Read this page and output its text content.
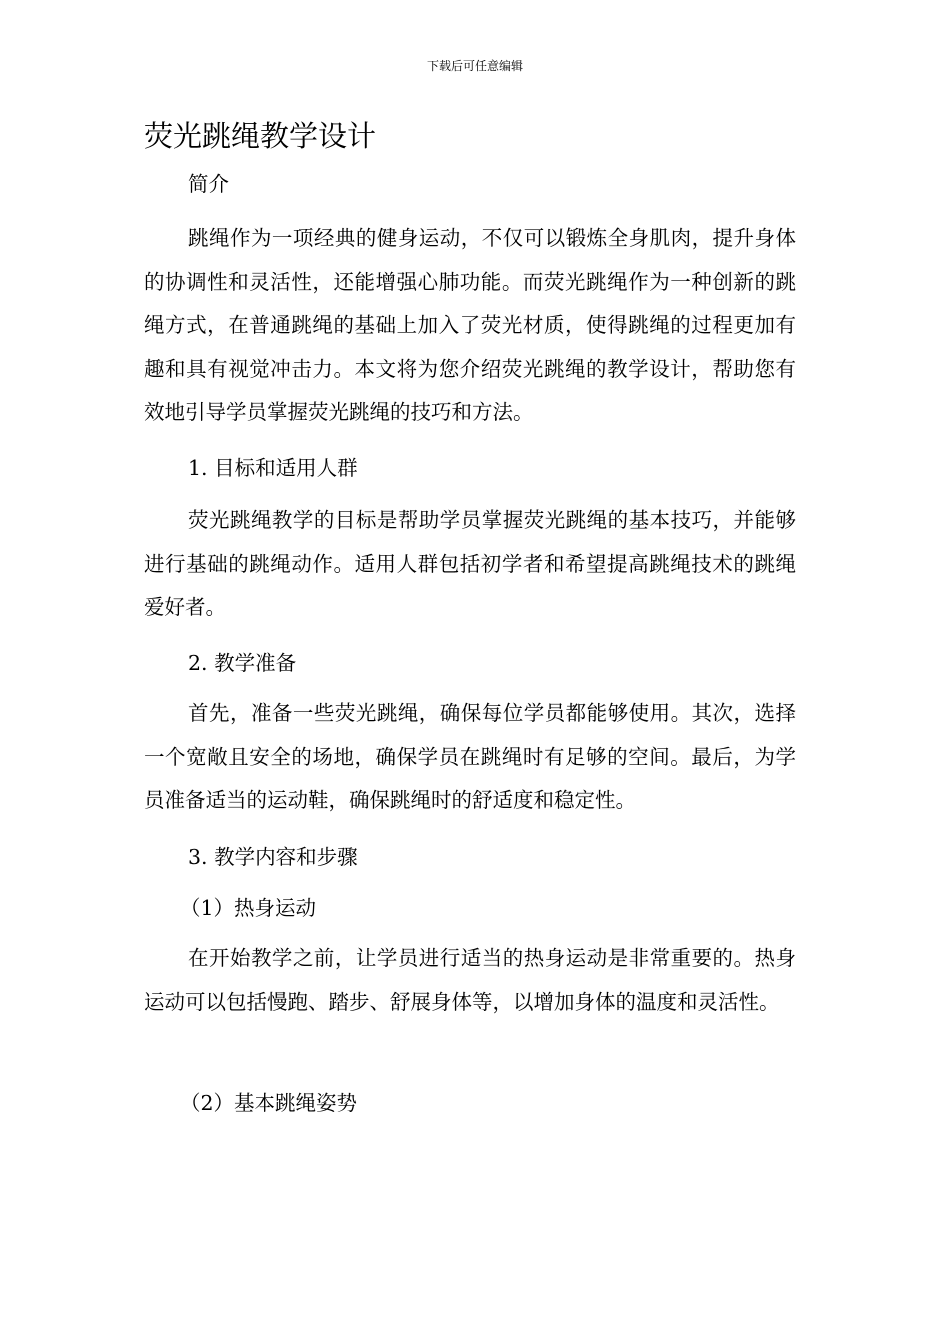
下载后可任意编辑
荧光跳绳教学设计

简介

跳绳作为一项经典的健身运动，不仅可以锻炼全身肌肉，提升身体的协调性和灵活性，还能增强心肺功能。而荧光跳绳作为一种创新的跳绳方式，在普通跳绳的基础上加入了荧光材质，使得跳绳的过程更加有趣和具有视觉冲击力。本文将为您介绍荧光跳绳的教学设计，帮助您有效地引导学员掌握荧光跳绳的技巧和方法。

1. 目标和适用人群

荧光跳绳教学的目标是帮助学员掌握荧光跳绳的基本技巧，并能够进行基础的跳绳动作。适用人群包括初学者和希望提高跳绳技术的跳绳爱好者。

2. 教学准备

首先，准备一些荧光跳绳，确保每位学员都能够使用。其次，选择一个宽敞且安全的场地，确保学员在跳绳时有足够的空间。最后，为学员准备适当的运动鞋，确保跳绳时的舒适度和稳定性。

3. 教学内容和步骤

（1）热身运动

在开始教学之前，让学员进行适当的热身运动是非常重要的。热身运动可以包括慢跑、踏步、舒展身体等，以增加身体的温度和灵活性。

（2）基本跳绳姿势
